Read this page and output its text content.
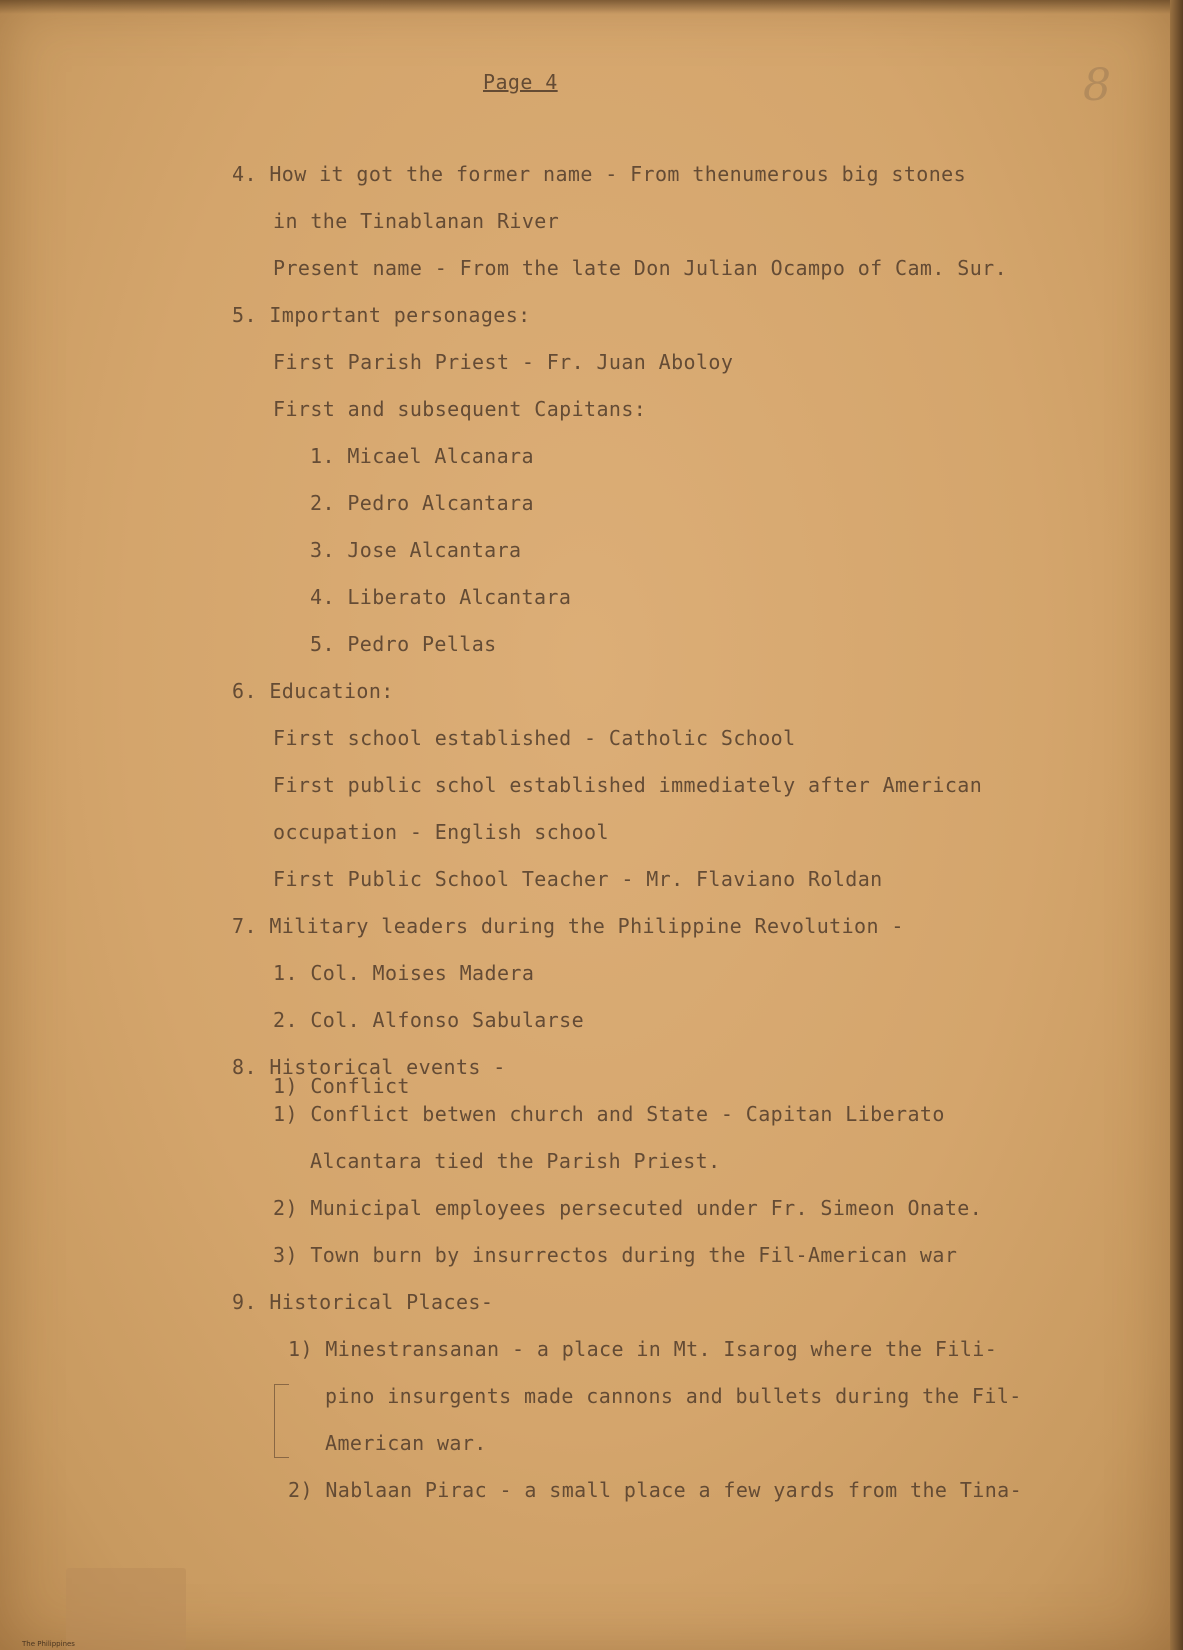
8
Page 4
4. How it got the former name - From thenumerous big stones
in the Tinablanan River
Present name - From the late Don Julian Ocampo of Cam. Sur.
5. Important personages:
First Parish Priest - Fr. Juan Aboloy
First and subsequent Capitans:
1. Micael Alcanara
2. Pedro Alcantara
3. Jose Alcantara
4. Liberato Alcantara
5. Pedro Pellas
6. Education:
First school established - Catholic School
First public schol established immediately after American
occupation - English school
First Public School Teacher - Mr. Flaviano Roldan
7. Military leaders during the Philippine Revolution -
1. Col. Moises Madera
2. Col. Alfonso Sabularse
8. Historical events -
1) Conflict
1) Conflict betwen church and State - Capitan Liberato
Alcantara tied the Parish Priest.
2) Municipal employees persecuted under Fr. Simeon Onate.
3) Town burn by insurrectos during the Fil-American war
9. Historical Places-
1) Minestransanan - a place in Mt. Isarog where the Fili-
pino insurgents made cannons and bullets during the Fil-
American war.
2) Nablaan Pirac - a small place a few yards from the Tina-
The Philippines
